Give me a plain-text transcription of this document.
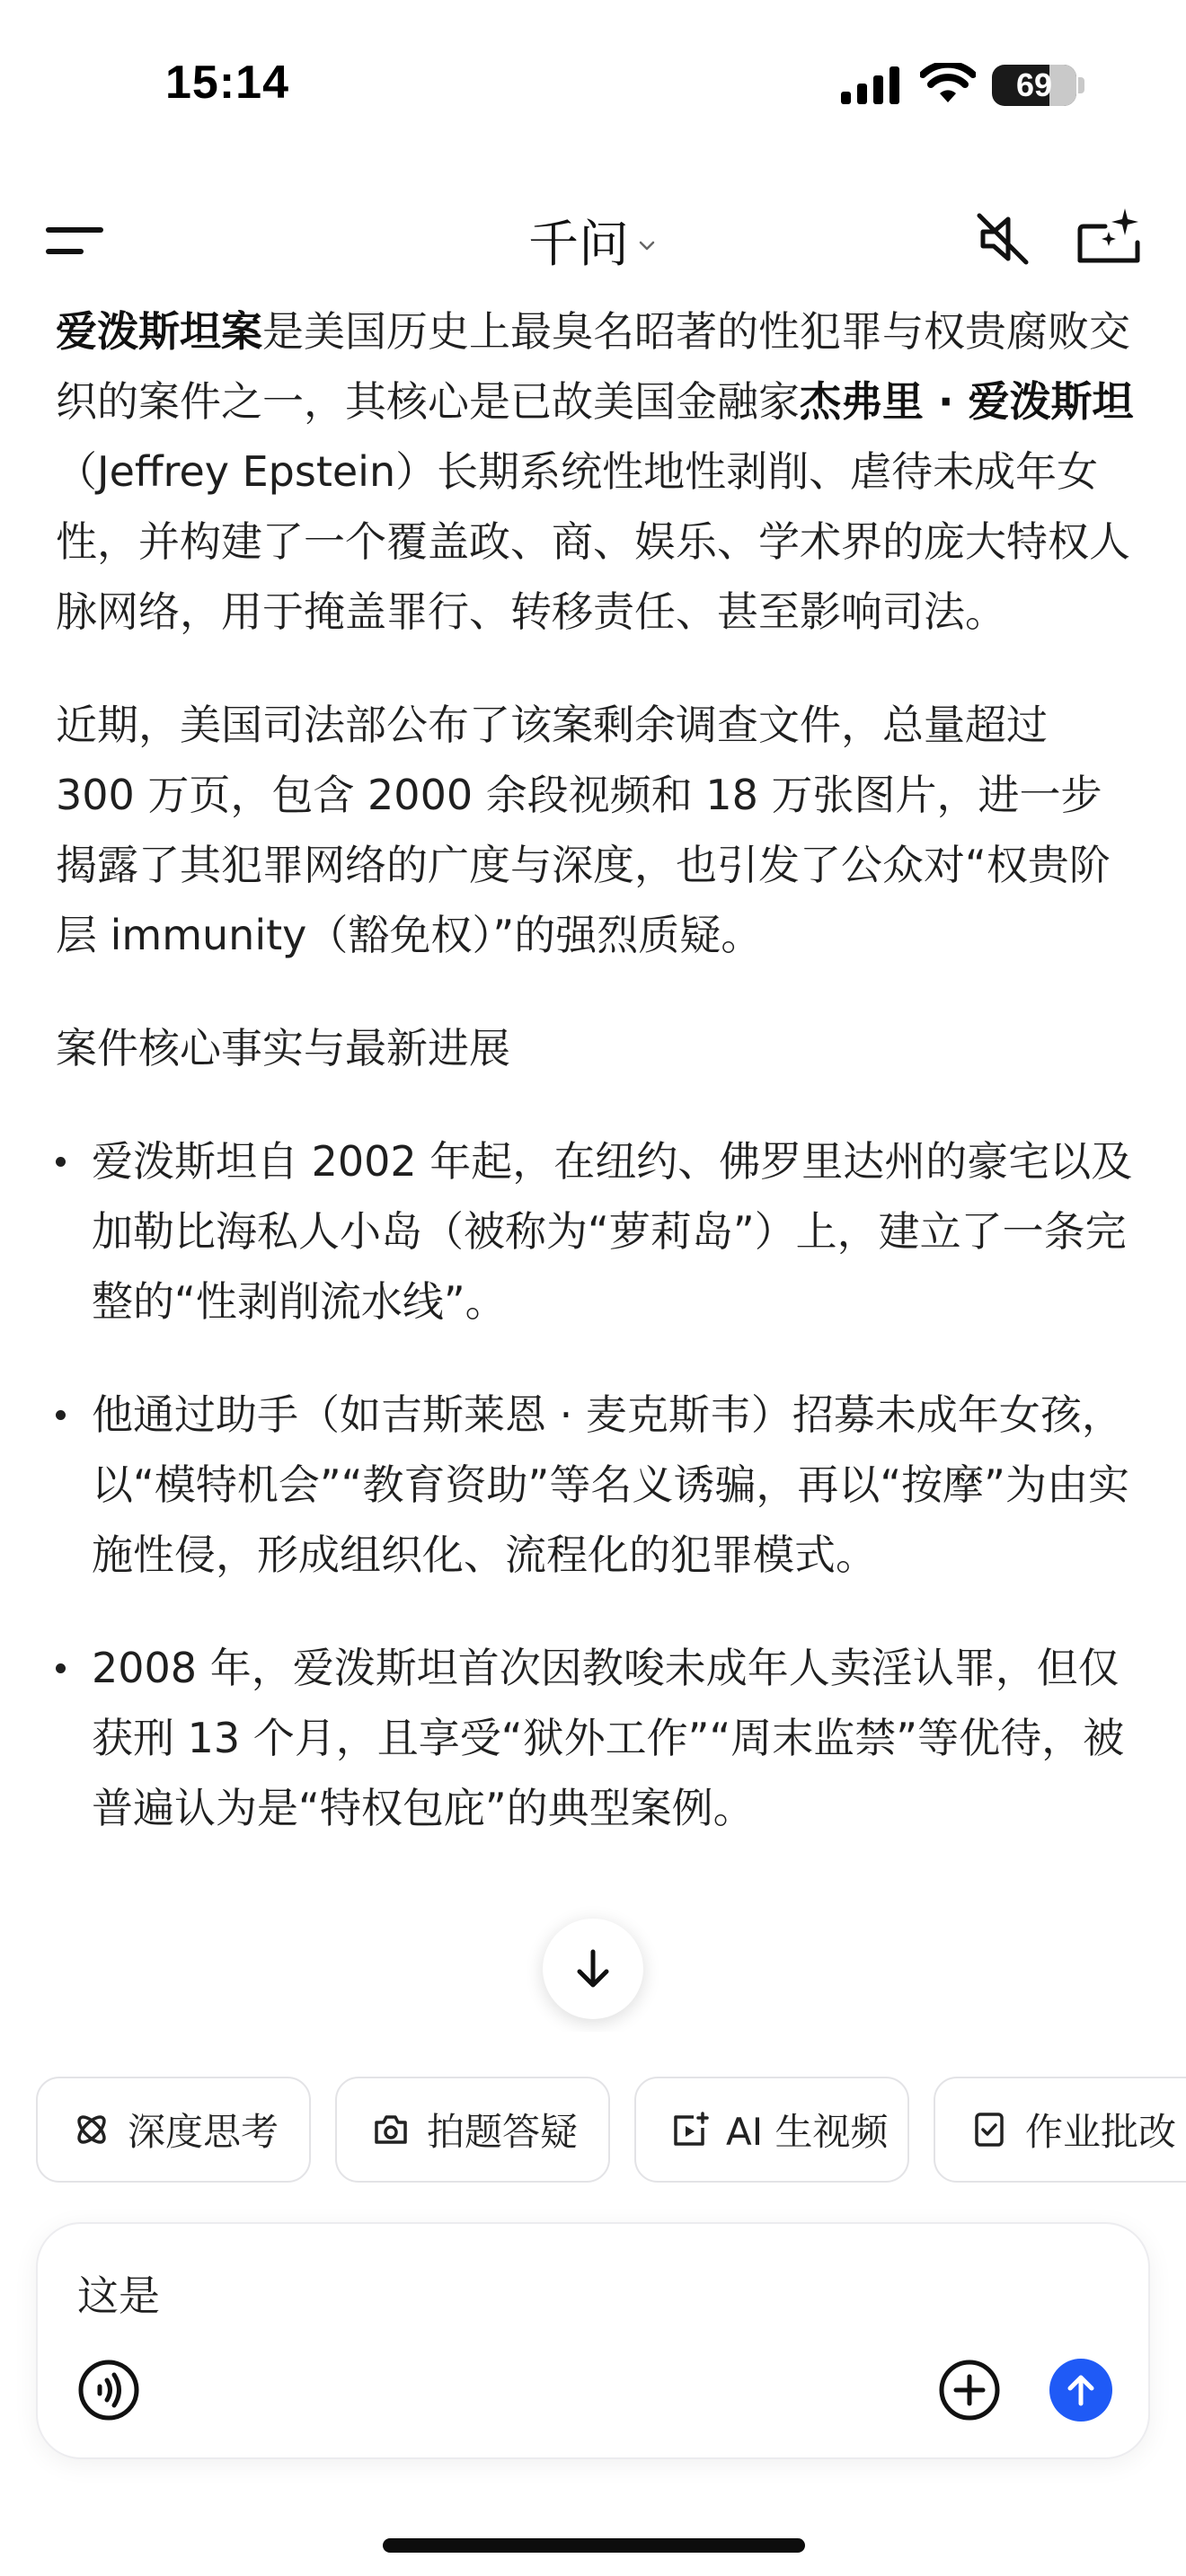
15:14	69
千问

爱泼斯坦案是美国历史上最臭名昭著的性犯罪与权贵腐败交织的案件之一，其核心是已故美国金融家杰弗里 · 爱泼斯坦（Jeffrey Epstein）长期系统性地性剥削、虐待未成年女性，并构建了一个覆盖政、商、娱乐、学术界的庞大特权人脉网络，用于掩盖罪行、转移责任、甚至影响司法。

近期，美国司法部公布了该案剩余调查文件，总量超过 300 万页，包含 2000 余段视频和 18 万张图片，进一步揭露了其犯罪网络的广度与深度，也引发了公众对“权贵阶层 immunity（豁免权）”的强烈质疑。

案件核心事实与最新进展
爱泼斯坦自 2002 年起，在纽约、佛罗里达州的豪宅以及加勒比海私人小岛（被称为“萝莉岛”）上，建立了一条完整的“性剥削流水线”。
他通过助手（如吉斯莱恩 · 麦克斯韦）招募未成年女孩，以“模特机会”“教育资助”等名义诱骗，再以“按摩”为由实施性侵，形成组织化、流程化的犯罪模式。
2008 年，爱泼斯坦首次因教唆未成年人卖淫认罪，但仅获刑 13 个月，且享受“狱外工作”“周末监禁”等优待，被普遍认为是“特权包庇”的典型案例。
深度思考	拍题答疑	AI 生视频	作业批改
这是
